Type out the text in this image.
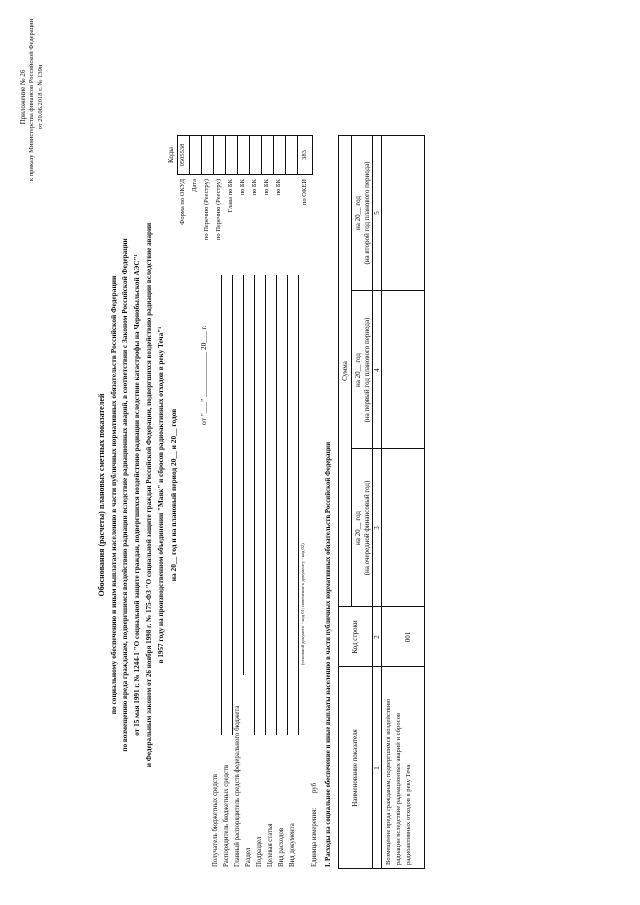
Приложение № 26 к приказу Министерства финансов Российской Федерации от 20.06.2018 г. № 139н
Обоснования (расчеты) плановых сметных показателей по социальному обеспечению и иным выплатам населению в части публичных нормативных обязательств Российской Федерации по возмещению вреда гражданам, подвергшимся воздействию радиации вследствие радиационных аварий, в соответствии с Законом Российской Федерации от 15 мая 1991 г. № 1244-1 "О социальной защите граждан, подвергшихся воздействию радиации вследствие катастрофы на Чернобыльской АЭС"¹ и Федеральным законом от 26 ноября 1998 г. № 175-ФЗ "О социальной защите граждан Российской Федерации, подвергшихся воздействию радиации вследствие аварии в 1957 году на производственном объединении "Маяк" и сбросов радиоактивных отходов в реку Теча"¹ на 20__ год и на плановый период 20__ и 20__ годов
от "___" ____________ 20___ г.
Коды
Форма по ОКУД
0505538
Дата по Перечню (Реестру) по Перечню (Реестру) Глава по БК по БК по БК по БК по БК	по ОКЕИ
383
Получатель бюджетных средств Распорядитель бюджетных средств Главный распорядитель средств федерального бюджета Раздел Подраздел Целевая статья Вид расходов Вид документа
(основной документ - код 01; изменение к документу - код 02)
Единица измерения:
руб I. Расходы на социальное обеспечение и иные выплаты населению в части публичных нормативных обязательств Российской Федерации	Наименование показателя
Код строки
Сумма
на 20__ год (на очередной финансовый год)
на 20__ год (на первый год планового периода)
на 20__ год (на второй год планового периода)
1
2
3
4
5
Возмещение вреда гражданам, подвергшимся воздействию радиации вследствие радиационных аварий и сбросов радиоактивных отходов в реку Теча
001
